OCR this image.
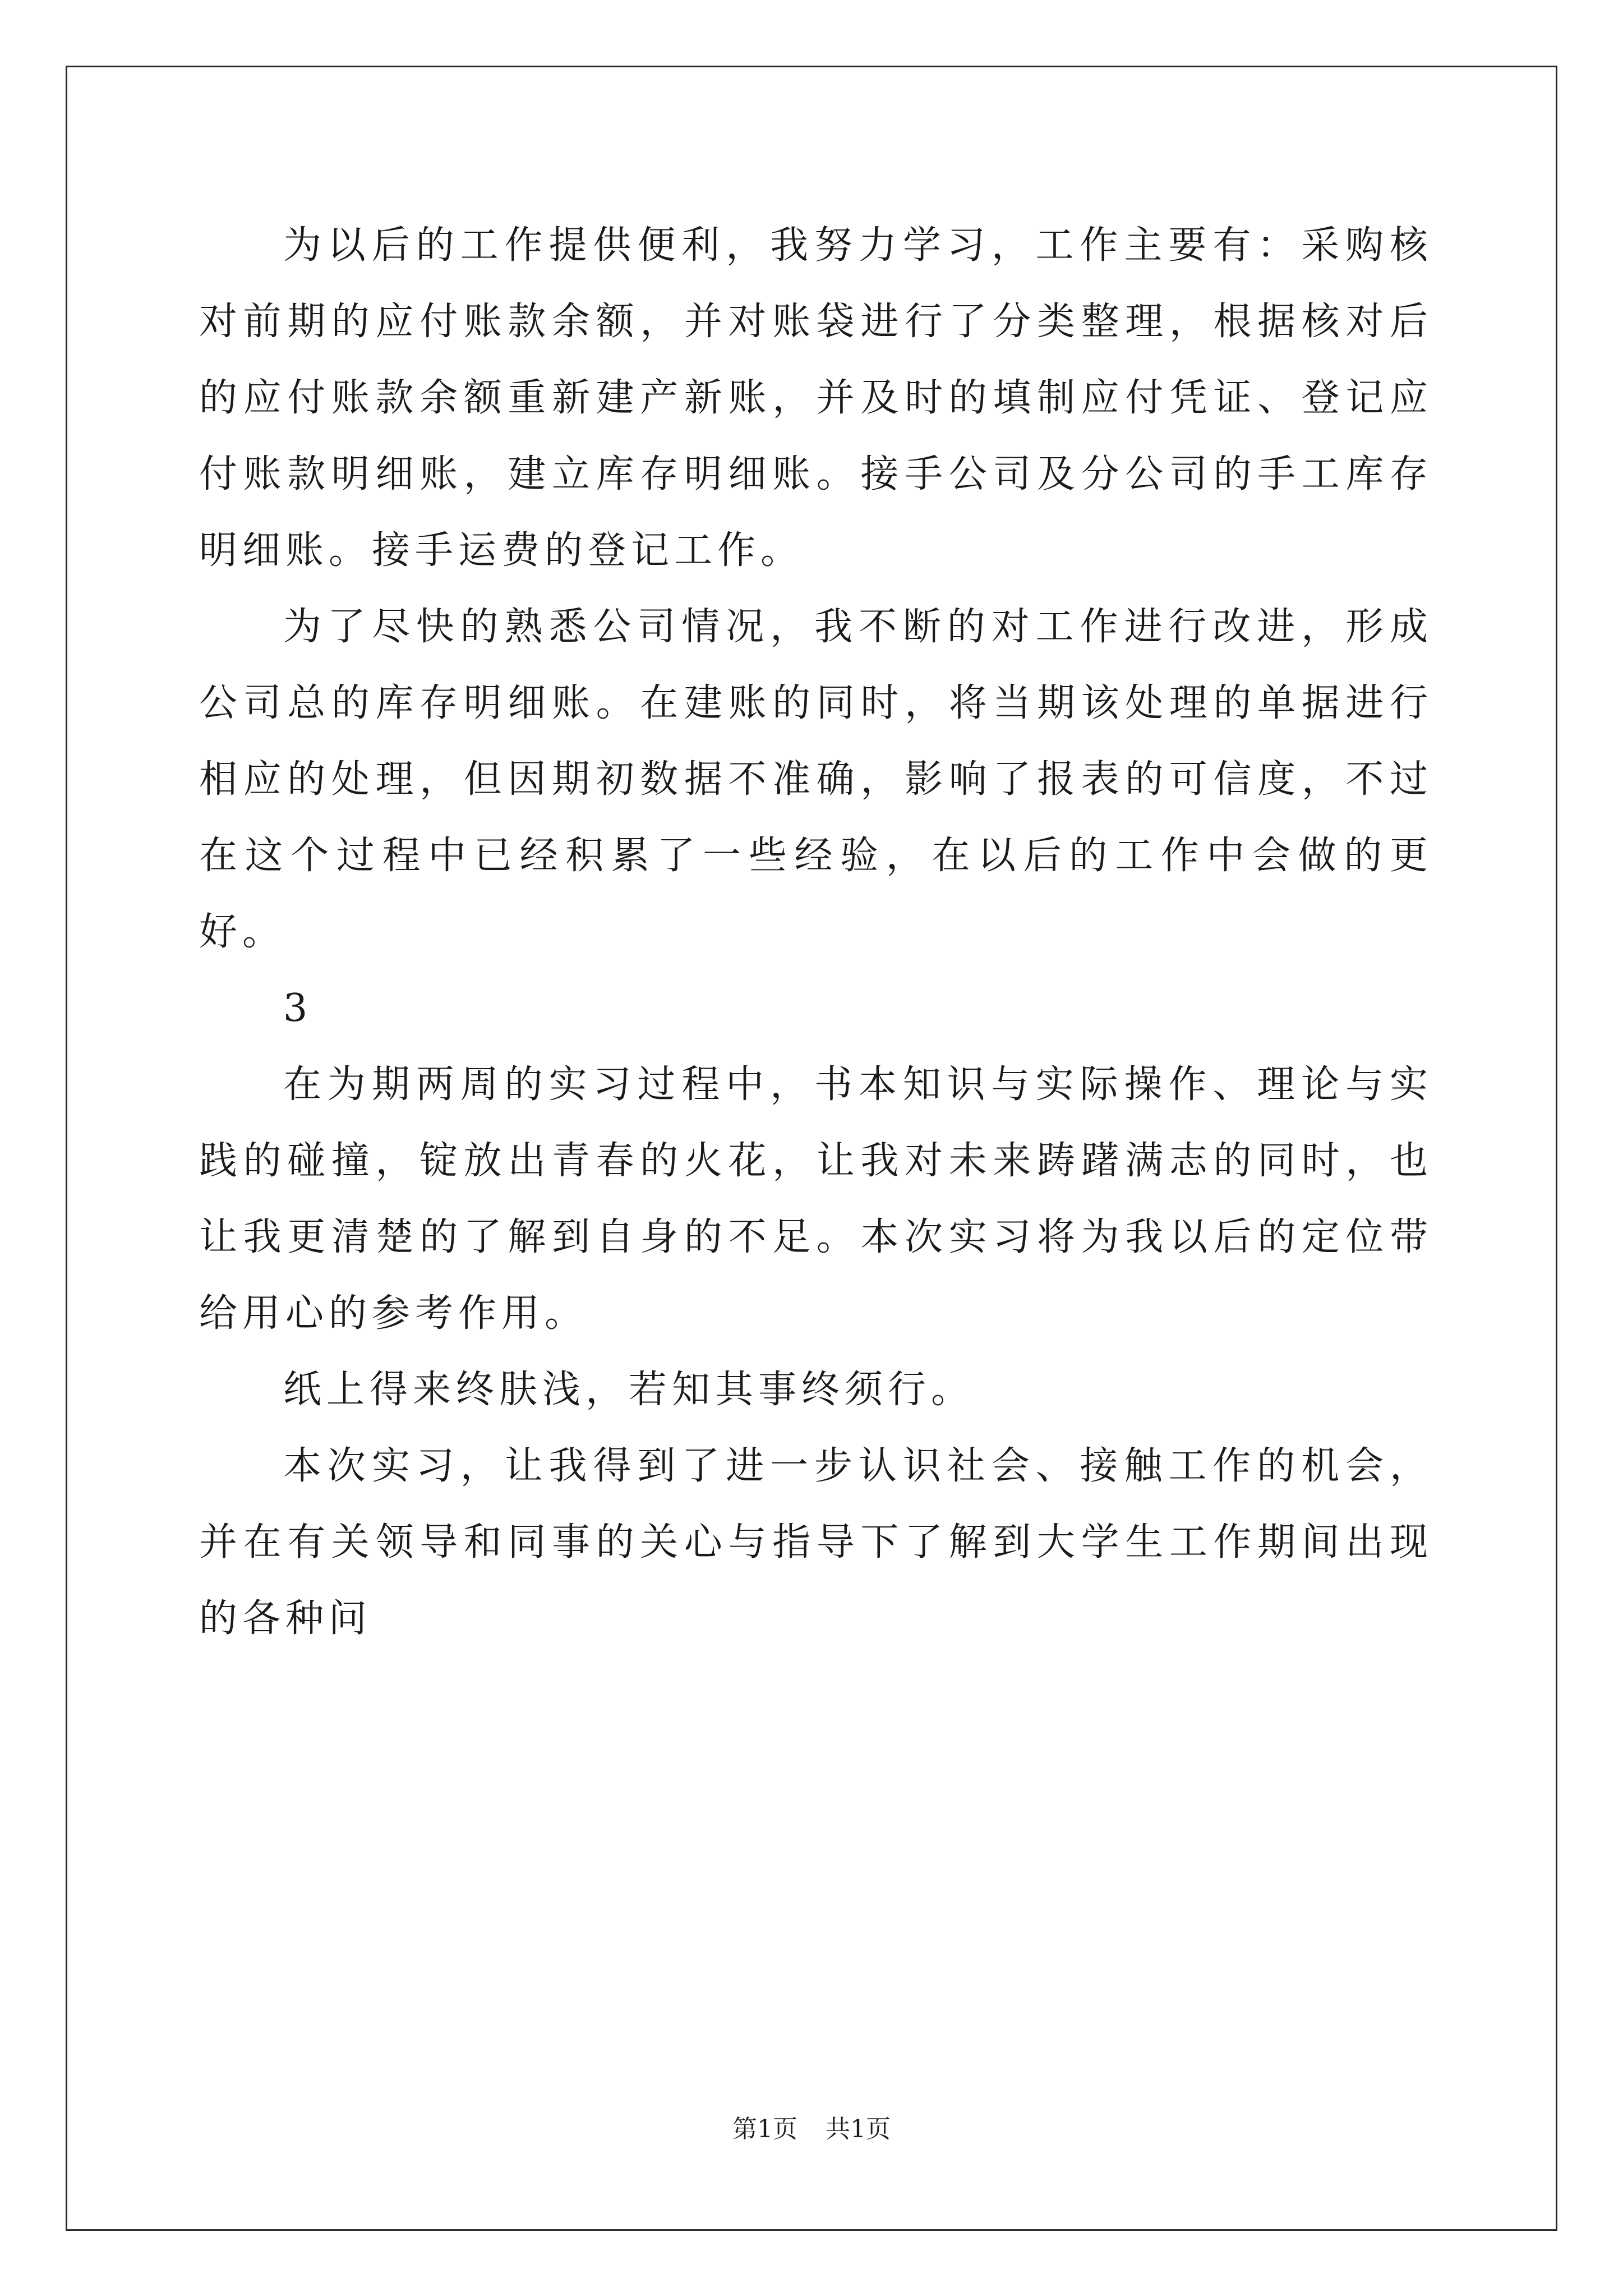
为以后的工作提供便利，我努力学习，工作主要有：采购核对前期的应付账款余额，并对账袋进行了分类整理，根据核对后的应付账款余额重新建产新账，并及时的填制应付凭证、登记应付账款明细账，建立库存明细账。接手公司及分公司的手工库存明细账。接手运费的登记工作。

为了尽快的熟悉公司情况，我不断的对工作进行改进，形成公司总的库存明细账。在建账的同时，将当期该处理的单据进行相应的处理，但因期初数据不准确，影响了报表的可信度，不过在这个过程中已经积累了一些经验，在以后的工作中会做的更好。

3

在为期两周的实习过程中，书本知识与实际操作、理论与实践的碰撞，锭放出青春的火花，让我对未来踌躇满志的同时，也让我更清楚的了解到自身的不足。本次实习将为我以后的定位带给用心的参考作用。

纸上得来终肤浅，若知其事终须行。

本次实习，让我得到了进一步认识社会、接触工作的机会，并在有关领导和同事的关心与指导下了解到大学生工作期间出现的各种问

第1页 共1页
